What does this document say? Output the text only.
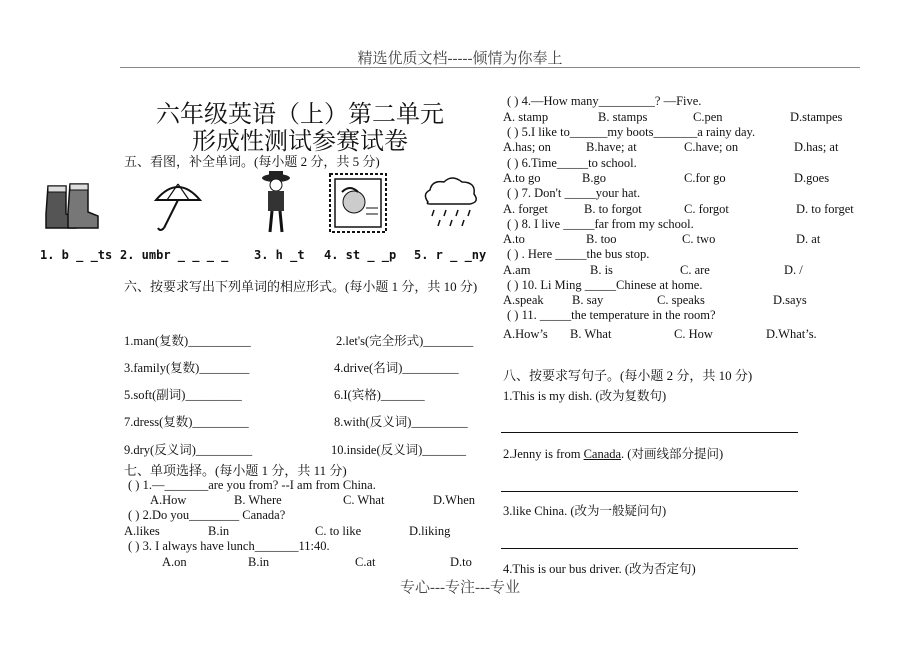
精选优质文档-----倾情为你奉上
六年级英语（上）第二单元
形成性测试参赛试卷
五、看图，补全单词。(每小题 2 分，共 5 分)
1. b _ _ts 2. umbr _ _ _ _ 3. h _t 4. st _ _p 5. r _ _ny
六、按要求写出下列单词的相应形式。(每小题 1 分，共 10 分)
1.man(复数)__________	2.let's(完全形式)________
3.family(复数)________	4.drive(名词)_________
5.soft(副词)_________	6.I(宾格)_______
7.dress(复数)_________	8.with(反义词)_________
9.dry(反义词)_________	10.inside(反义词)_______
七、单项选择。(每小题 1 分，共 11 分)
( ) 1.—_______are you from? --I am from China.
A.How	B. Where	C. What	D.When
( ) 2.Do you________ Canada?
A.likes	B.in	C. to like	D.liking
( ) 3. I always have lunch_______11:40.
A.on	B.in	C.at	D.to
( ) 4.—How many_________? —Five.
A. stamp	B. stamps	C.pen	D.stampes
( ) 5.I like to______my boots_______a rainy day.
A.has; on	B.have; at	C.have; on	D.has; at
( ) 6.Time_____to school.
A.to go	B.go	C.for go	D.goes
( ) 7. Don't _____your hat.
A. forget	B. to forgot	C. forgot	D. to forget
( ) 8. I live _____far from my school.
A.to	B. too	C. two	D. at
( ) . Here _____the bus stop.
A.am	B. is	C. are	D. /
( ) 10. Li Ming _____Chinese at home.
A.speak B. say	C. speaks	D.says
( ) 11. _____the temperature in the room?
A.How’s B. What	C. How	D.What’s.
八、按要求写句子。(每小题 2 分，共 10 分)
1.This is my dish. (改为复数句)
2.Jenny is from Canada. (对画线部分提问)
3.like China. (改为一般疑问句)
4.This is our bus driver. (改为否定句)
专心---专注---专业
